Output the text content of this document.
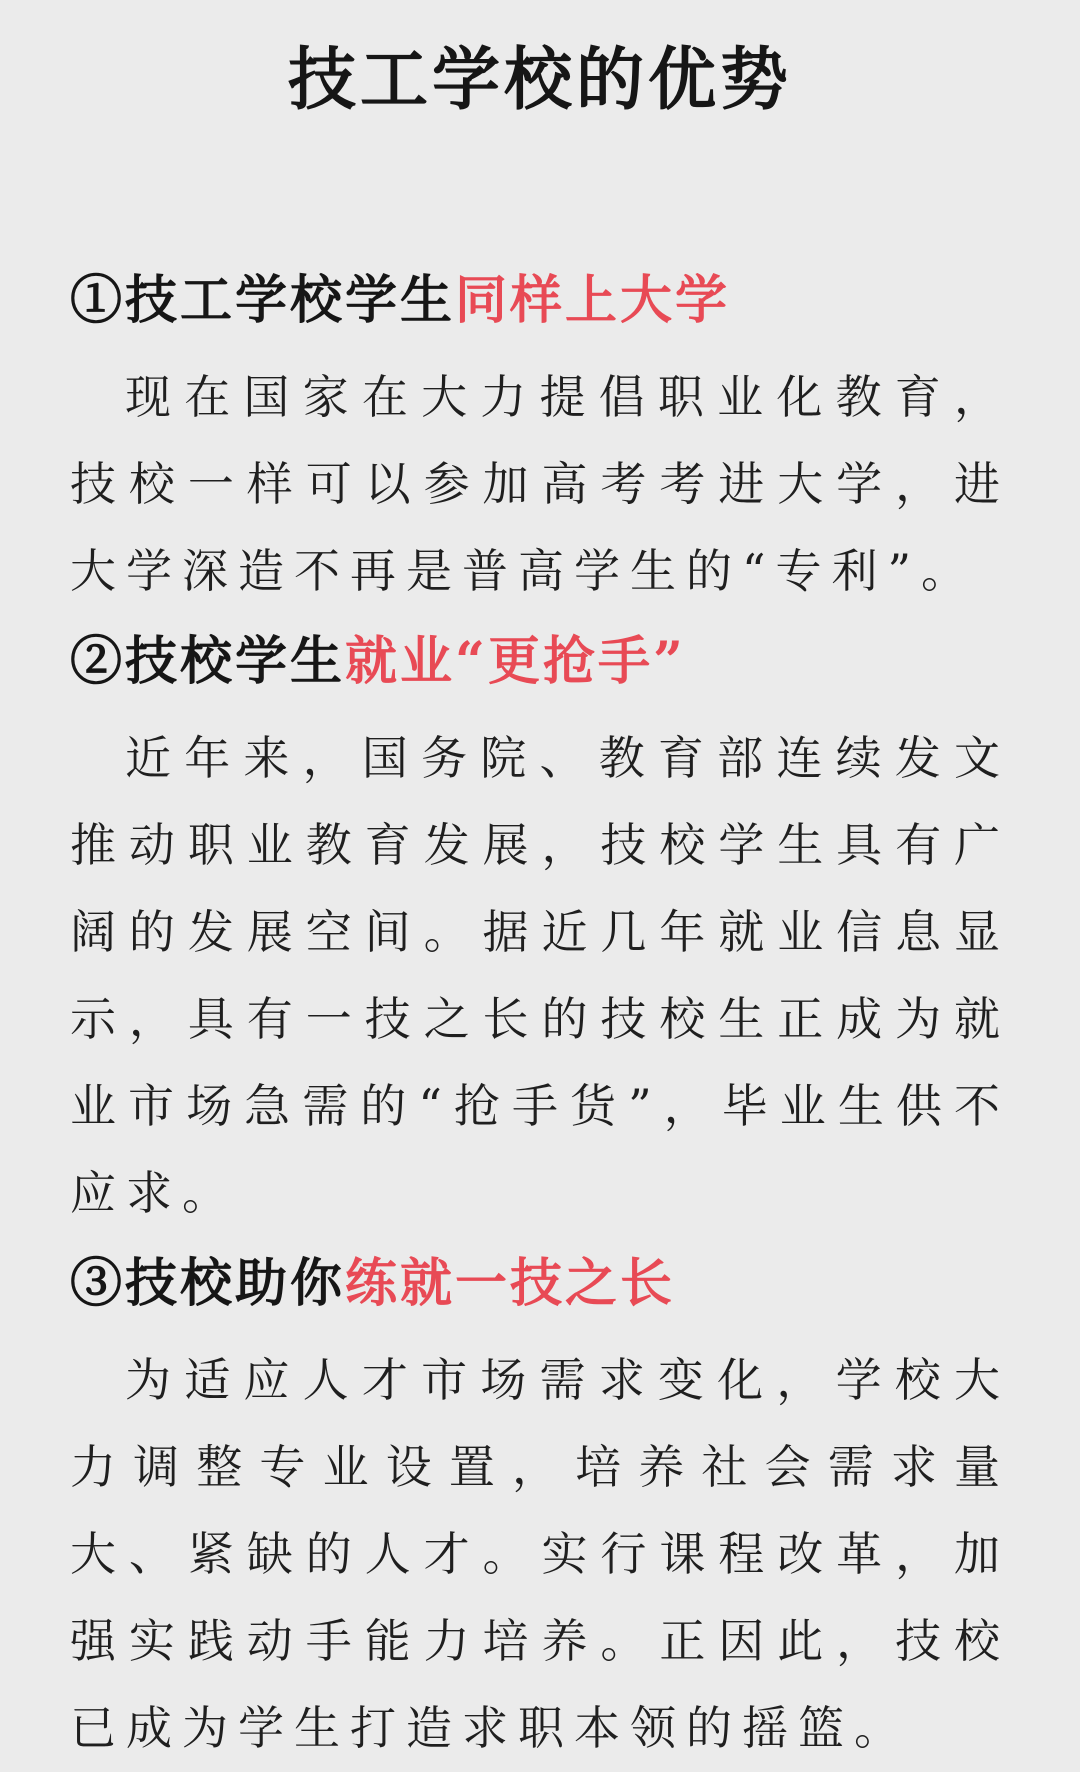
技工学校的优势
①技工学校学生同样上大学

现在国家在大力提倡职业化教育，技校一样可以参加高考考进大学，进大学深造不再是普高学生的“专利”。

②技校学生就业“更抢手”

近年来，国务院、教育部连续发文推动职业教育发展，技校学生具有广阔的发展空间。据近几年就业信息显示，具有一技之长的技校生正成为就业市场急需的“抢手货”，毕业生供不应求。

③技校助你练就一技之长

为适应人才市场需求变化，学校大力调整专业设置，培养社会需求量大、紧缺的人才。实行课程改革，加强实践动手能力培养。正因此，技校已成为学生打造求职本领的摇篮。
